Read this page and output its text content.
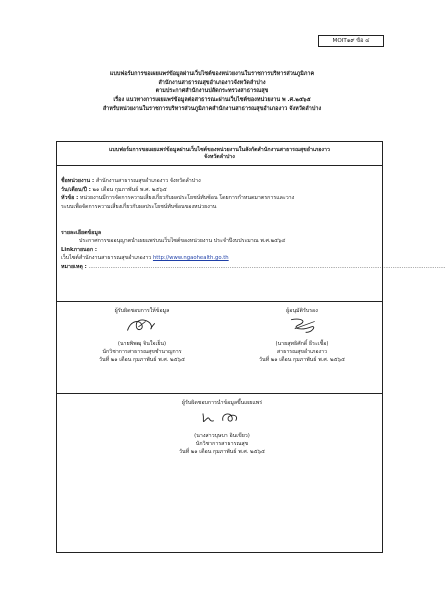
MOIT๑๙ ข้อ ๔
แบบฟอร์มการขอเผยแพร่ข้อมูลผ่านเว็บไซต์ของหน่วยงานในราชการบริหารส่วนภูมิภาค
สำนักงานสาธารณสุขอำเภองาวจังหวัดลำปาง
ตามประกาศสำนักงานปลัดกระทรวงสาธารณสุข
เรื่อง แนวทางการเผยแพร่ข้อมูลต่อสาธารณะผ่านเว็บไซต์ของหน่วยงาน พ .ศ.๒๕๖๕
สำหรับหน่วยงานในราชการบริหารส่วนภูมิภาคสำนักงานสาธารณสุขอำเภองาว จังหวัดลำปาง
แบบฟอร์มการขอเผยแพร่ข้อมูลผ่านเว็บไซต์ของหน่วยงานในสังกัดสำนักงานสาธารณสุขอำเภองาว
จังหวัดลำปาง
ชื่อหน่วยงาน : สำนักงานสาธารณสุขอำเภองาว จังหวัดลำปาง
วัน/เดือน/ปี : ๒๑ เดือน กุมภาพันธ์ พ.ศ. ๒๕๖๕
หัวข้อ : หน่วยงานมีการจัดการความเสี่ยงเกี่ยวกับผลประโยชน์ทับซ้อน โดยการกำหนดมาตรการและวาง
ระบบเพื่อจัดการความเสี่ยงเกี่ยวกับผลประโยชน์ทับซ้อนของหน่วยงาน
รายละเอียดข้อมูล
ประกาศการขออนุญาตนำเผยแพร่บนเว็บไซต์ของหน่วยงาน ประจำปีงบประมาณ พ.ศ.๒๕๖๔
Linkภายนอก :
เว็บไซต์สำนักงานสาธารณสุขอำเภองาว http://www.ngaohealth.go.th
หมายเหตุ : ……………………………………………………………………………………………………………………………………………………………………………
ผู้รับผิดชอบการให้ข้อมูล
(นายพิพฒุ จินใจเย็น)
นักวิชาการสาธารณสุขชำนาญการ
วันที่ ๒๑ เดือน กุมภาพันธ์ พ.ศ. ๒๕๖๕
ผู้อนุมัติรับรอง
(นายสุทธิศักดิ์ ธีระเชื้อ)
สาธารณสุขอำเภองาว
วันที่ ๒๑ เดือน กุมภาพันธ์ พ.ศ. ๒๕๖๕
ผู้รับผิดชอบการนำข้อมูลขึ้นเผยแพร่
(นางสาวบุษบา อินเขียว)
นักวิชาการสาธารณสุข
วันที่ ๒๑ เดือน กุมภาพันธ์ พ.ศ. ๒๕๖๕
